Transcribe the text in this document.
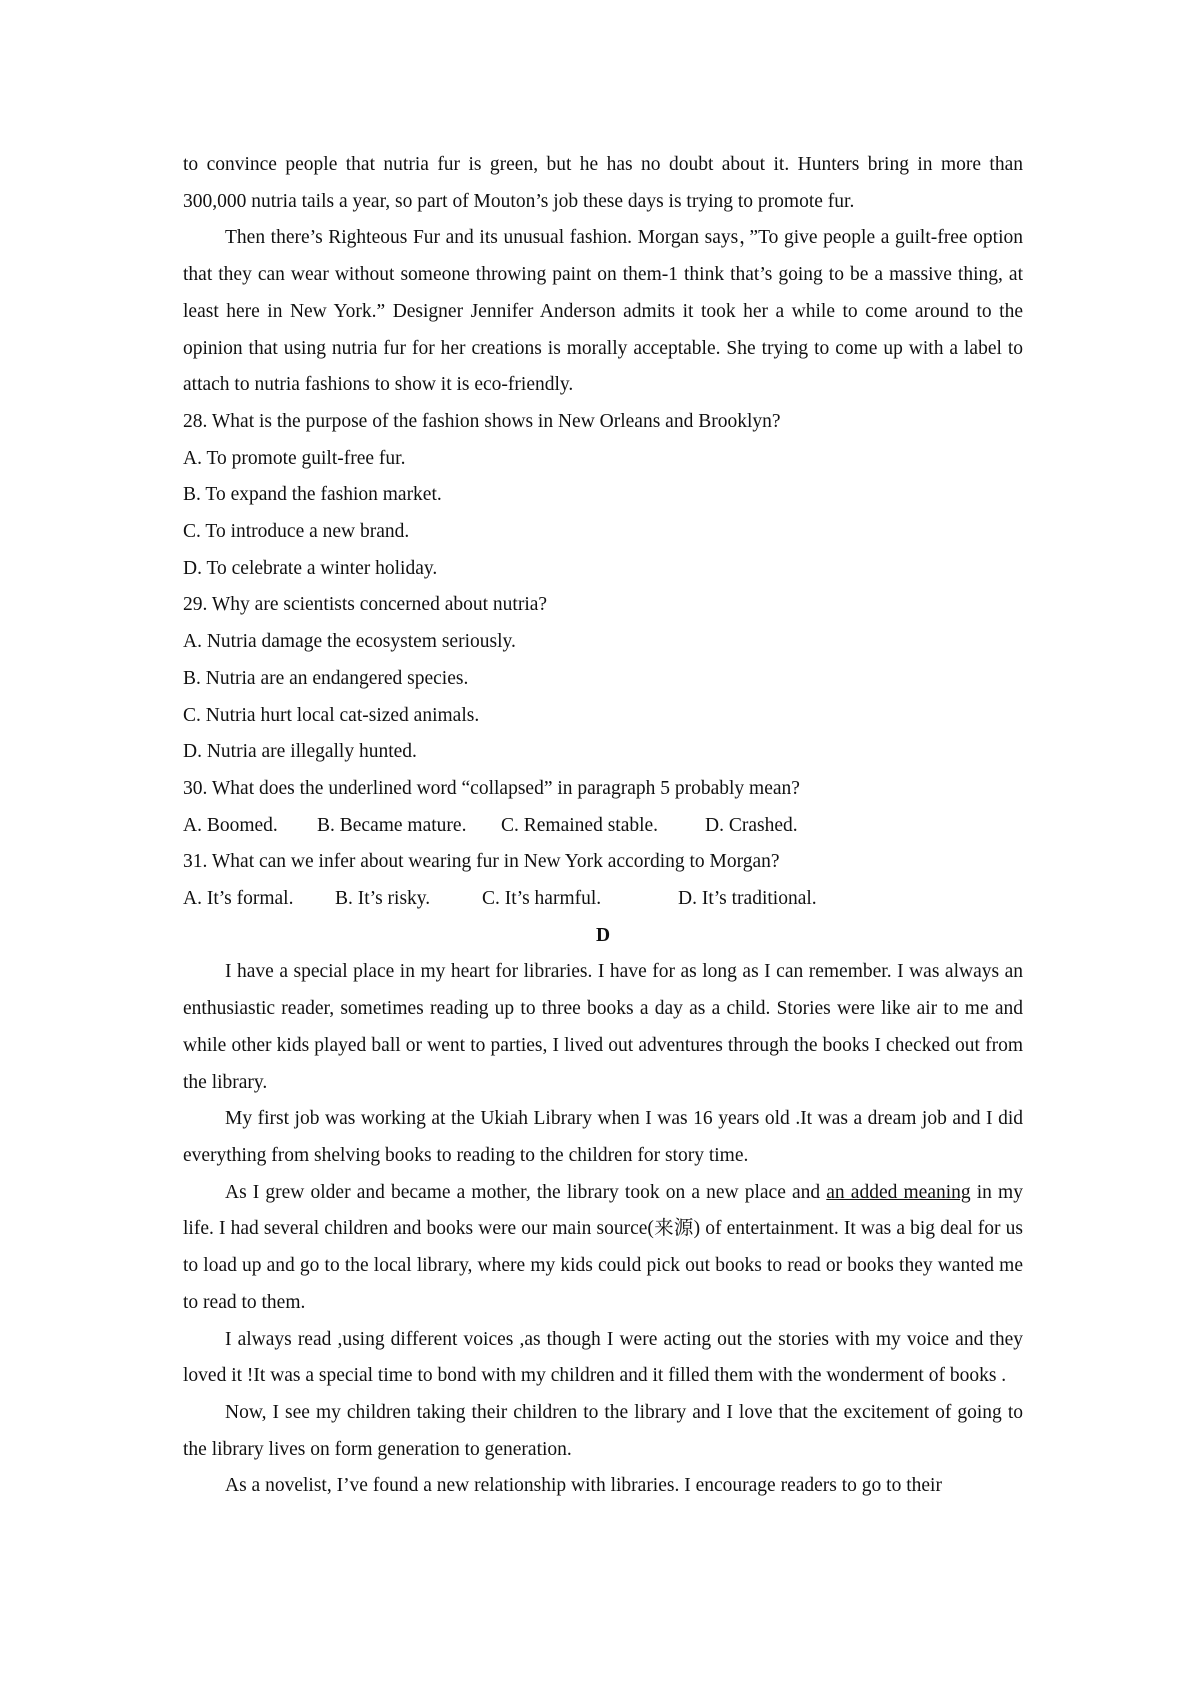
to convince people that nutria fur is green, but he has no doubt about it. Hunters bring in more than 300,000 nutria tails a year, so part of Mouton’s job these days is trying to promote fur.

Then there’s Righteous Fur and its unusual fashion. Morgan says，”To give people a guilt-free option that they can wear without someone throwing paint on them-1 think that’s going to be a massive thing, at least here in New York.” Designer Jennifer Anderson admits it took her a while to come around to the opinion that using nutria fur for her creations is morally acceptable. She trying to come up with a label to attach to nutria fashions to show it is eco-friendly.

28. What is the purpose of the fashion shows in New Orleans and Brooklyn?

A. To promote guilt-free fur.

B. To expand the fashion market.

C. To introduce a new brand.

D. To celebrate a winter holiday.

29. Why are scientists concerned about nutria?

A. Nutria damage the ecosystem seriously.

B. Nutria are an endangered species.

C. Nutria hurt local cat-sized animals.

D. Nutria are illegally hunted.

30. What does the underlined word “collapsed” in paragraph 5 probably mean?

A. Boomed. B. Became mature. C. Remained stable. D. Crashed.

31. What can we infer about wearing fur in New York according to Morgan?

A. It’s formal. B. It’s risky.	C. It’s harmful.	D. It’s traditional.

D

I have a special place in my heart for libraries. I have for as long as I can remember. I was always an enthusiastic reader, sometimes reading up to three books a day as a child. Stories were like air to me and while other kids played ball or went to parties, I lived out adventures through the books I checked out from the library.

My first job was working at the Ukiah Library when I was 16 years old .It was a dream job and I did everything from shelving books to reading to the children for story time.

As I grew older and became a mother, the library took on a new place and an added meaning in my life. I had several children and books were our main source(来源) of entertainment. It was a big deal for us to load up and go to the local library, where my kids could pick out books to read or books they wanted me to read to them.

I always read ,using different voices ,as though I were acting out the stories with my voice and they loved it !It was a special time to bond with my children and it filled them with the wonderment of books .

Now, I see my children taking their children to the library and I love that the excitement of going to the library lives on form generation to generation.

As a novelist, I’ve found a new relationship with libraries. I encourage readers to go to their
